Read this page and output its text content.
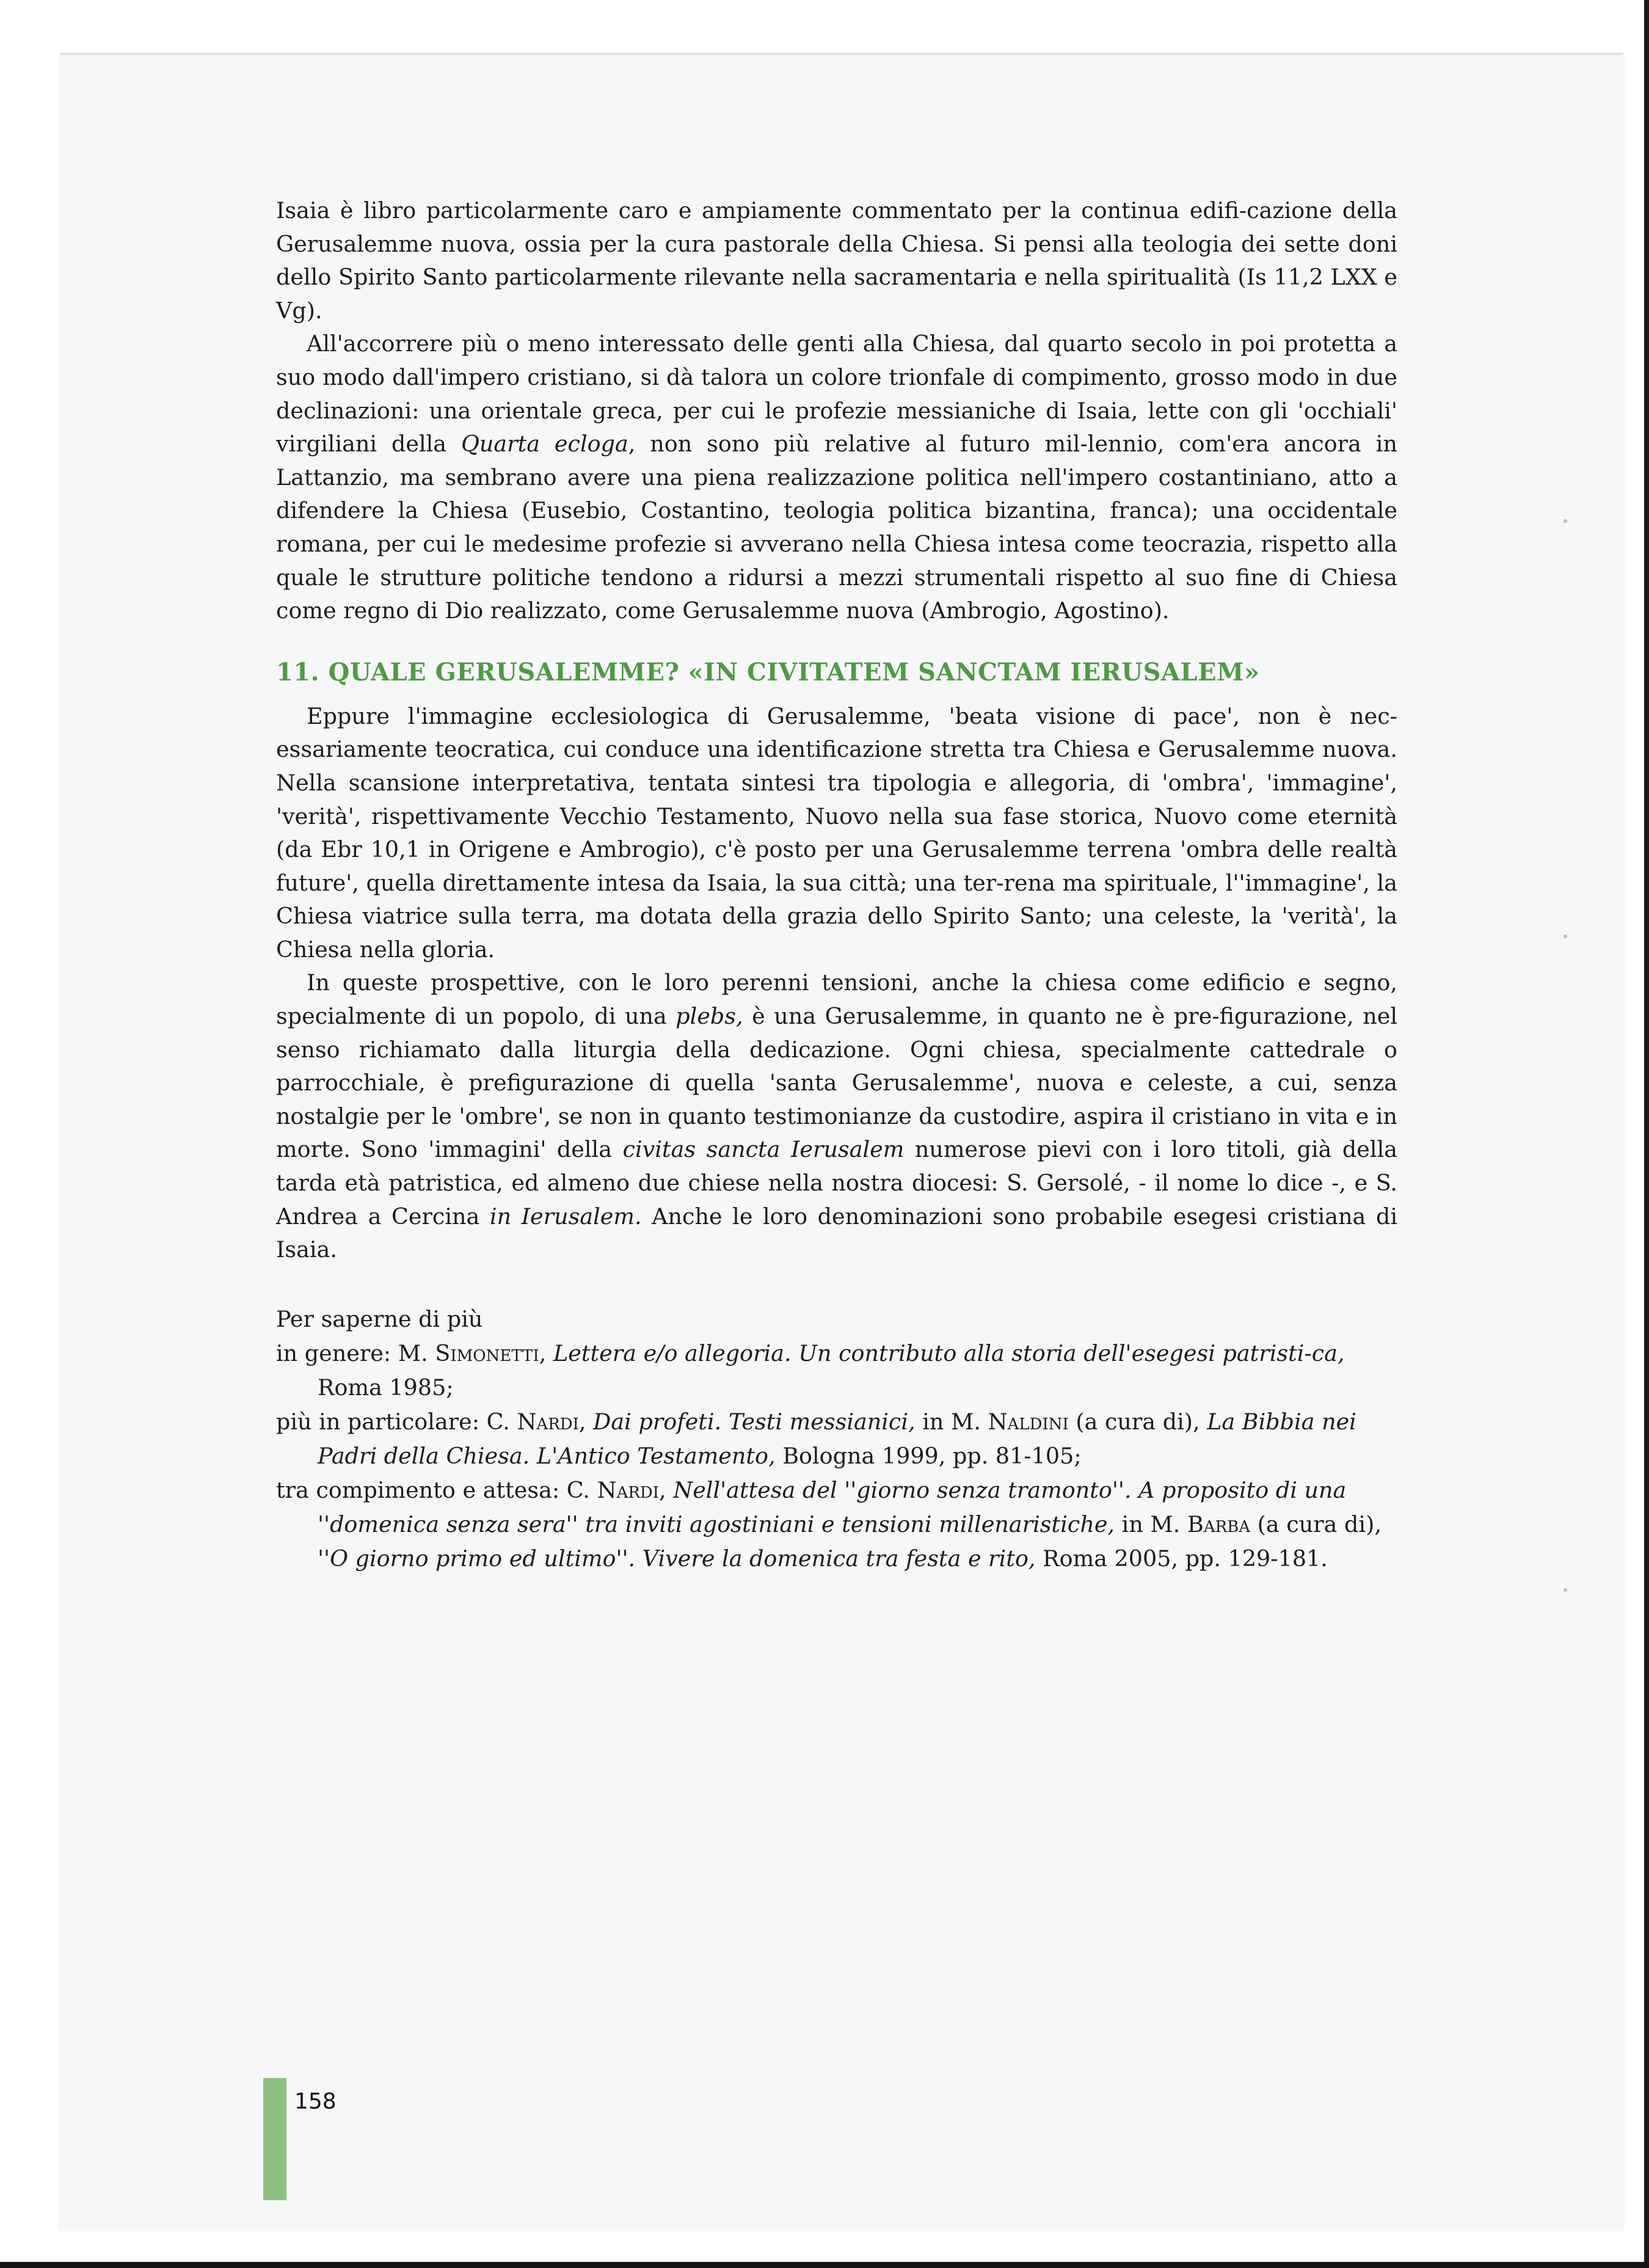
Isaia è libro particolarmente caro e ampiamente commentato per la continua edifi-cazione della Gerusalemme nuova, ossia per la cura pastorale della Chiesa. Si pensi alla teologia dei sette doni dello Spirito Santo particolarmente rilevante nella sacramentaria e nella spiritualità (Is 11,2 LXX e Vg).

All'accorrere più o meno interessato delle genti alla Chiesa, dal quarto secolo in poi protetta a suo modo dall'impero cristiano, si dà talora un colore trionfale di compimento, grosso modo in due declinazioni: una orientale greca, per cui le profezie messianiche di Isaia, lette con gli 'occhiali' virgiliani della Quarta ecloga, non sono più relative al futuro mil-lennio, com'era ancora in Lattanzio, ma sembrano avere una piena realizzazione politica nell'impero costantiniano, atto a difendere la Chiesa (Eusebio, Costantino, teologia politica bizantina, franca); una occidentale romana, per cui le medesime profezie si avverano nella Chiesa intesa come teocrazia, rispetto alla quale le strutture politiche tendono a ridursi a mezzi strumentali rispetto al suo fine di Chiesa come regno di Dio realizzato, come Gerusalemme nuova (Ambrogio, Agostino).

11. QUALE GERUSALEMME? «IN CIVITATEM SANCTAM IERUSALEM»

Eppure l'immagine ecclesiologica di Gerusalemme, 'beata visione di pace', non è nec-essariamente teocratica, cui conduce una identificazione stretta tra Chiesa e Gerusalemme nuova. Nella scansione interpretativa, tentata sintesi tra tipologia e allegoria, di 'ombra', 'immagine', 'verità', rispettivamente Vecchio Testamento, Nuovo nella sua fase storica, Nuovo come eternità (da Ebr 10,1 in Origene e Ambrogio), c'è posto per una Gerusalemme terrena 'ombra delle realtà future', quella direttamente intesa da Isaia, la sua città; una ter-rena ma spirituale, l''immagine', la Chiesa viatrice sulla terra, ma dotata della grazia dello Spirito Santo; una celeste, la 'verità', la Chiesa nella gloria.

In queste prospettive, con le loro perenni tensioni, anche la chiesa come edificio e segno, specialmente di un popolo, di una plebs, è una Gerusalemme, in quanto ne è pre-figurazione, nel senso richiamato dalla liturgia della dedicazione. Ogni chiesa, specialmente cattedrale o parrocchiale, è prefigurazione di quella 'santa Gerusalemme', nuova e celeste, a cui, senza nostalgie per le 'ombre', se non in quanto testimonianze da custodire, aspira il cristiano in vita e in morte. Sono 'immagini' della civitas sancta Ierusalem numerose pievi con i loro titoli, già della tarda età patristica, ed almeno due chiese nella nostra diocesi: S. Gersolé, - il nome lo dice -, e S. Andrea a Cercina in Ierusalem. Anche le loro denominazioni sono probabile esegesi cristiana di Isaia.

Per saperne di più

in genere: M. Simonetti, Lettera e/o allegoria. Un contributo alla storia dell'esegesi patristi-ca, Roma 1985;

più in particolare: C. Nardi, Dai profeti. Testi messianici, in M. Naldini (a cura di), La Bibbia nei Padri della Chiesa. L'Antico Testamento, Bologna 1999, pp. 81-105;

tra compimento e attesa: C. Nardi, Nell'attesa del ''giorno senza tramonto''. A proposito di una ''domenica senza sera'' tra inviti agostiniani e tensioni millenaristiche, in M. Barba (a cura di), ''O giorno primo ed ultimo''. Vivere la domenica tra festa e rito, Roma 2005, pp. 129-181.

158
